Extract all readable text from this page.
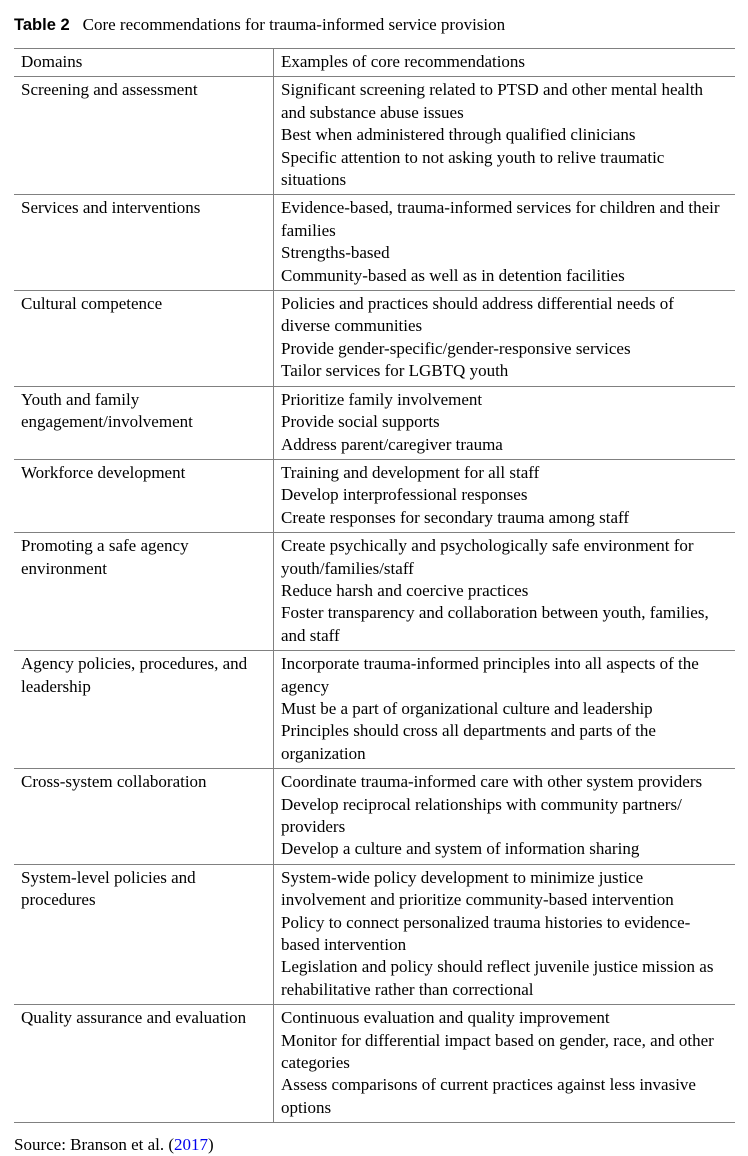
Table 2 Core recommendations for trauma-informed service provision
Domains	Examples of core recommendations
Screening and assessment	Significant screening related to PTSD and other mental health and substance abuse issues
Best when administered through qualified clinicians
Specific attention to not asking youth to relive traumatic situations

Services and interventions	Evidence-based, trauma-informed services for children and their families
Strengths-based
Community-based as well as in detention facilities

Cultural competence	Policies and practices should address differential needs of diverse communities
Provide gender-specific/gender-responsive services
Tailor services for LGBTQ youth

Youth and family engagement/involvement	Prioritize family involvement
Provide social supports
Address parent/caregiver trauma

Workforce development	Training and development for all staff
Develop interprofessional responses
Create responses for secondary trauma among staff

Promoting a safe agency environment	Create psychically and psychologically safe environment for youth/families/staff
Reduce harsh and coercive practices
Foster transparency and collaboration between youth, families, and staff

Agency policies, procedures, and leadership	Incorporate trauma-informed principles into all aspects of the agency
Must be a part of organizational culture and leadership
Principles should cross all departments and parts of the organization

Cross-system collaboration	Coordinate trauma-informed care with other system providers
Develop reciprocal relationships with community partners/ providers
Develop a culture and system of information sharing

System-level policies and procedures	System-wide policy development to minimize justice involvement and prioritize community-based intervention
Policy to connect personalized trauma histories to evidence-based intervention
Legislation and policy should reflect juvenile justice mission as rehabilitative rather than correctional

Quality assurance and evaluation	Continuous evaluation and quality improvement
Monitor for differential impact based on gender, race, and other categories
Assess comparisons of current practices against less invasive options
Source: Branson et al. (2017)
